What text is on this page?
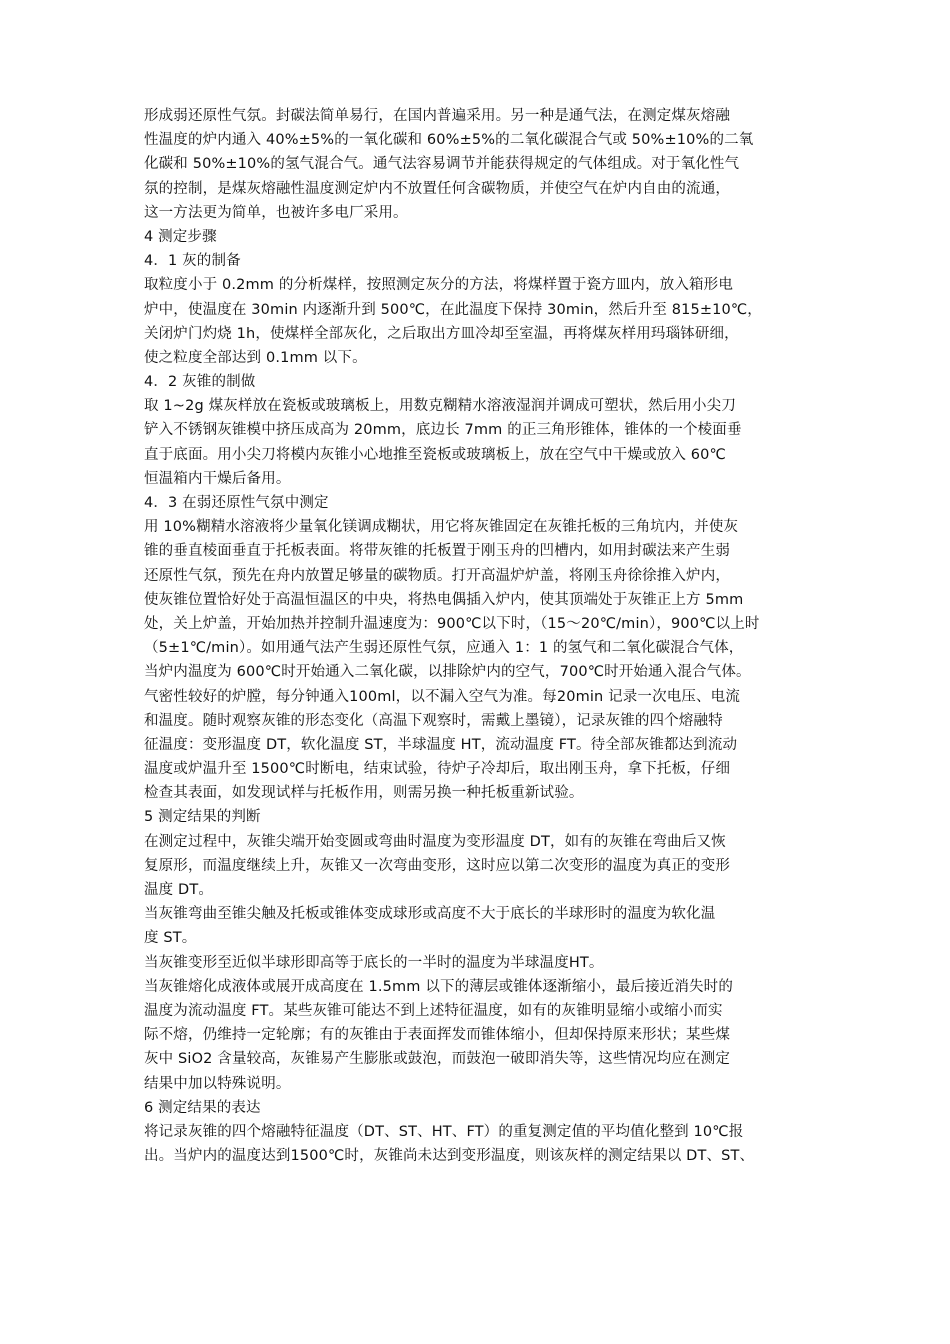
形成弱还原性气氛。封碳法简单易行，在国内普遍采用。另一种是通气法，在测定煤灰熔融
性温度的炉内通入 40%±5%的一氧化碳和 60%±5%的二氧化碳混合气或 50%±10%的二氧
化碳和 50%±10%的氢气混合气。通气法容易调节并能获得规定的气体组成。对于氧化性气
氛的控制，是煤灰熔融性温度测定炉内不放置任何含碳物质，并使空气在炉内自由的流通，
这一方法更为简单，也被许多电厂采用。
4 测定步骤
4．1 灰的制备
取粒度小于 0.2mm 的分析煤样，按照测定灰分的方法，将煤样置于瓷方皿内，放入箱形电
炉中，使温度在 30min 内逐渐升到 500℃，在此温度下保持 30min，然后升至 815±10℃，
关闭炉门灼烧 1h，使煤样全部灰化，之后取出方皿冷却至室温，再将煤灰样用玛瑙钵研细，
使之粒度全部达到 0.1mm 以下。
4．2 灰锥的制做
取 1~2g 煤灰样放在瓷板或玻璃板上，用数克糊精水溶液湿润并调成可塑状，然后用小尖刀
铲入不锈钢灰锥模中挤压成高为 20mm，底边长 7mm 的正三角形锥体，锥体的一个棱面垂
直于底面。用小尖刀将模内灰锥小心地推至瓷板或玻璃板上，放在空气中干燥或放入 60℃
恒温箱内干燥后备用。
4．3 在弱还原性气氛中测定
用 10%糊精水溶液将少量氧化镁调成糊状，用它将灰锥固定在灰锥托板的三角坑内，并使灰
锥的垂直棱面垂直于托板表面。将带灰锥的托板置于刚玉舟的凹槽内，如用封碳法来产生弱
还原性气氛，预先在舟内放置足够量的碳物质。打开高温炉炉盖，将刚玉舟徐徐推入炉内，
使灰锥位置恰好处于高温恒温区的中央，将热电偶插入炉内，使其顶端处于灰锥正上方 5mm
处，关上炉盖，开始加热并控制升温速度为：900℃以下时，（15～20℃/min），900℃以上时
（5±1℃/min）。如用通气法产生弱还原性气氛，应通入 1：1 的氢气和二氧化碳混合气体，
当炉内温度为 600℃时开始通入二氧化碳，以排除炉内的空气，700℃时开始通入混合气体。
气密性较好的炉膛，每分钟通入100ml，以不漏入空气为准。每20min 记录一次电压、电流
和温度。随时观察灰锥的形态变化（高温下观察时，需戴上墨镜），记录灰锥的四个熔融特
征温度：变形温度 DT，软化温度 ST，半球温度 HT，流动温度 FT。待全部灰锥都达到流动
温度或炉温升至 1500℃时断电，结束试验，待炉子冷却后，取出刚玉舟，拿下托板，仔细
检查其表面，如发现试样与托板作用，则需另换一种托板重新试验。
5 测定结果的判断
在测定过程中，灰锥尖端开始变圆或弯曲时温度为变形温度 DT，如有的灰锥在弯曲后又恢
复原形，而温度继续上升，灰锥又一次弯曲变形，这时应以第二次变形的温度为真正的变形
温度 DT。
当灰锥弯曲至锥尖触及托板或锥体变成球形或高度不大于底长的半球形时的温度为软化温
度 ST。
当灰锥变形至近似半球形即高等于底长的一半时的温度为半球温度HT。
当灰锥熔化成液体或展开成高度在 1.5mm 以下的薄层或锥体逐渐缩小，最后接近消失时的
温度为流动温度 FT。某些灰锥可能达不到上述特征温度，如有的灰锥明显缩小或缩小而实
际不熔，仍维持一定轮廓；有的灰锥由于表面挥发而锥体缩小，但却保持原来形状；某些煤
灰中 SiO2 含量较高，灰锥易产生膨胀或鼓泡，而鼓泡一破即消失等，这些情况均应在测定
结果中加以特殊说明。
6 测定结果的表达
将记录灰锥的四个熔融特征温度（DT、ST、HT、FT）的重复测定值的平均值化整到 10℃报
出。当炉内的温度达到1500℃时，灰锥尚未达到变形温度，则该灰样的测定结果以 DT、ST、
